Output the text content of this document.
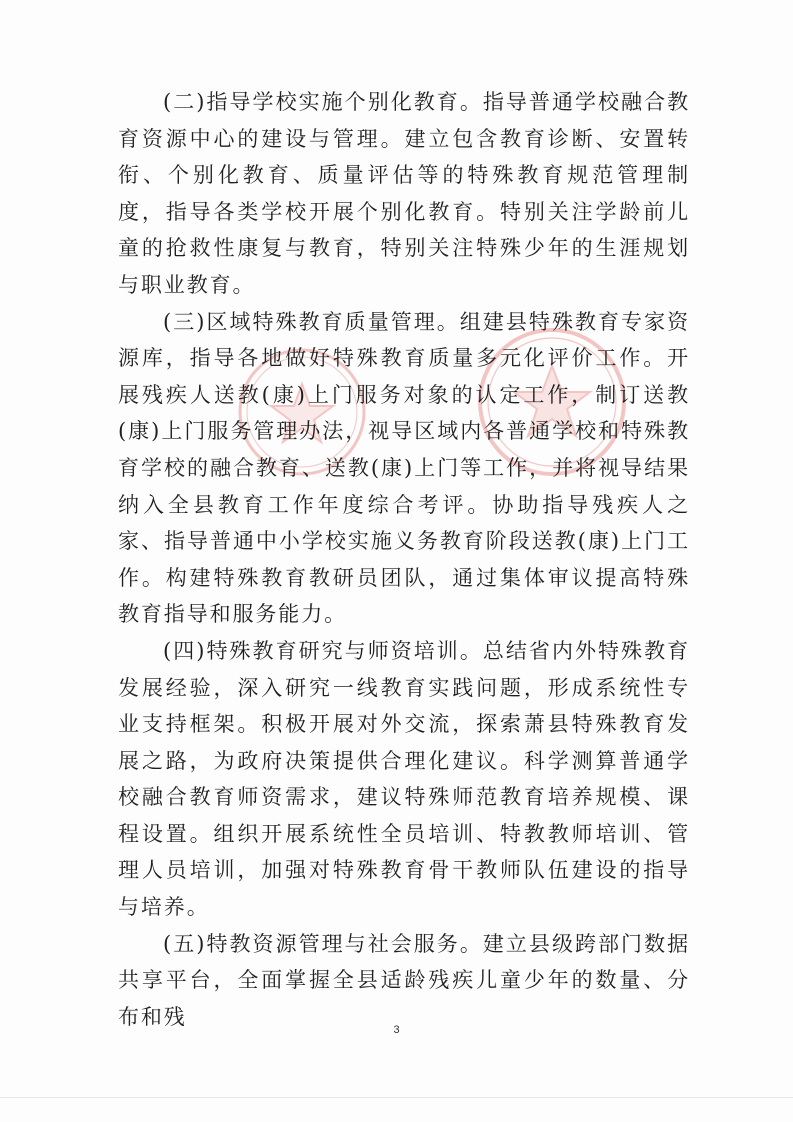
(二)指导学校实施个别化教育。指导普通学校融合教育资源中心的建设与管理。建立包含教育诊断、安置转衔、个别化教育、质量评估等的特殊教育规范管理制度，指导各类学校开展个别化教育。特别关注学龄前儿童的抢救性康复与教育，特别关注特殊少年的生涯规划与职业教育。

(三)区域特殊教育质量管理。组建县特殊教育专家资源库，指导各地做好特殊教育质量多元化评价工作。开展残疾人送教(康)上门服务对象的认定工作，制订送教(康)上门服务管理办法，视导区域内各普通学校和特殊教育学校的融合教育、送教(康)上门等工作，并将视导结果纳入全县教育工作年度综合考评。协助指导残疾人之家、指导普通中小学校实施义务教育阶段送教(康)上门工作。构建特殊教育教研员团队，通过集体审议提高特殊教育指导和服务能力。

(四)特殊教育研究与师资培训。总结省内外特殊教育发展经验，深入研究一线教育实践问题，形成系统性专业支持框架。积极开展对外交流，探索萧县特殊教育发展之路，为政府决策提供合理化建议。科学测算普通学校融合教育师资需求，建议特殊师范教育培养规模、课程设置。组织开展系统性全员培训、特教教师培训、管理人员培训，加强对特殊教育骨干教师队伍建设的指导与培养。

(五)特教资源管理与社会服务。建立县级跨部门数据共享平台，全面掌握全县适龄残疾儿童少年的数量、分布和残

3
